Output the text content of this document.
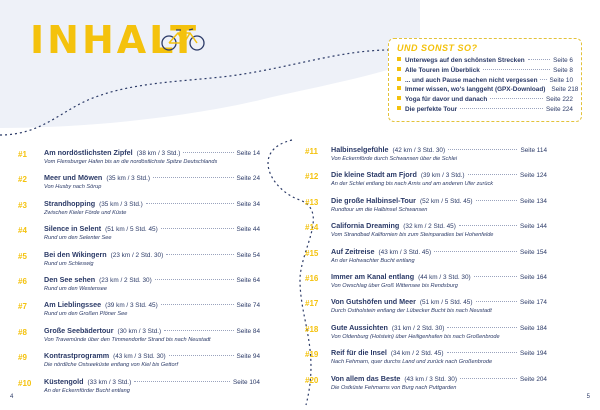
INHALT	UND SONST SO?
Unterwegs auf den schönsten Strecken	Seite 6
Alle Touren im Überblick	Seite 8
... und auch Pause machen nicht vergessen Seite 10
Immer wissen, wo's langgeht (GPX-Download) Seite 218
Yoga für davor und danach	Seite 222
Die perfekte Tour	Seite 224
#1	Am nordöstlichsten Zipfel (38 km / 3 Std.)	Seite 14
Vom Flensburger Hafen bis an die nordöstlichste Spitze Deutschlands
#2	Meer und Möwen (35 km / 3 Std.)	Seite 24
Von Husby nach Sörup
#3	Strandhopping (35 km / 3 Std.)	Seite 34
Zwischen Kieler Förde und Küste
#4	Silence in Selent (51 km / 5 Std. 45)	Seite 44
Rund um den Selenter See
#5	Bei den Wikingern (23 km / 2 Std. 30)	Seite 54
Rund um Schleswig
#6	Den See sehen (23 km / 2 Std. 30)	Seite 64
Rund um den Westensee
#7	Am Lieblingssee (39 km / 3 Std. 45)	Seite 74
Rund um den Großen Plöner See
#8	Große Seebädertour (30 km / 3 Std.)	Seite 84
Von Travemünde über den Timmendorfer Strand bis nach Neustadt
#9	Kontrastprogramm (43 km / 3 Std. 30)	Seite 94
Die nördliche Ostseeküste entlang von Kiel bis Gettorf
#10	Küstengold (33 km / 3 Std.)	Seite 104
An der Eckernförder Bucht entlang
#11	Halbinselgefühle (42 km / 3 Std. 30)	Seite 114
Von Eckernförde durch Schwansen über die Schlei
#12	Die kleine Stadt am Fjord (39 km / 3 Std.)	Seite 124
An der Schlei entlang bis nach Arnis und am anderen Ufer zurück
#13	Die große Halbinsel-Tour (52 km / 5 Std. 45)	Seite 134
Rundtour um die Halbinsel Schwansen
#14	California Dreaming (32 km / 2 Std. 45)	Seite 144
Vom Strandbad Kalifornien bis zum Steinparadies bei Hohenfelde
#15	Auf Zeitreise (43 km / 3 Std. 45)	Seite 154
An der Hohwachter Bucht entlang
#16	Immer am Kanal entlang (44 km / 3 Std. 30)	Seite 164
Von Owschlag über Groß Wittensee bis Rendsburg
#17	Von Gutshöfen und Meer (51 km / 5 Std. 45)	Seite 174
Durch Ostholstein entlang der Lübecker Bucht bis nach Neustadt
#18	Gute Aussichten (31 km / 2 Std. 30)	Seite 184
Von Oldenburg (Holstein) über Heiligenhafen bis nach Großenbrode
#19	Reif für die Insel (34 km / 2 Std. 45)	Seite 194
Nach Fehmarn, quer durchs Land und zurück nach Großenbrode
#20	Von allem das Beste (43 km / 3 Std. 30)	Seite 204
Die Ostküste Fehmarns von Burg nach Puttgarden
4	5
